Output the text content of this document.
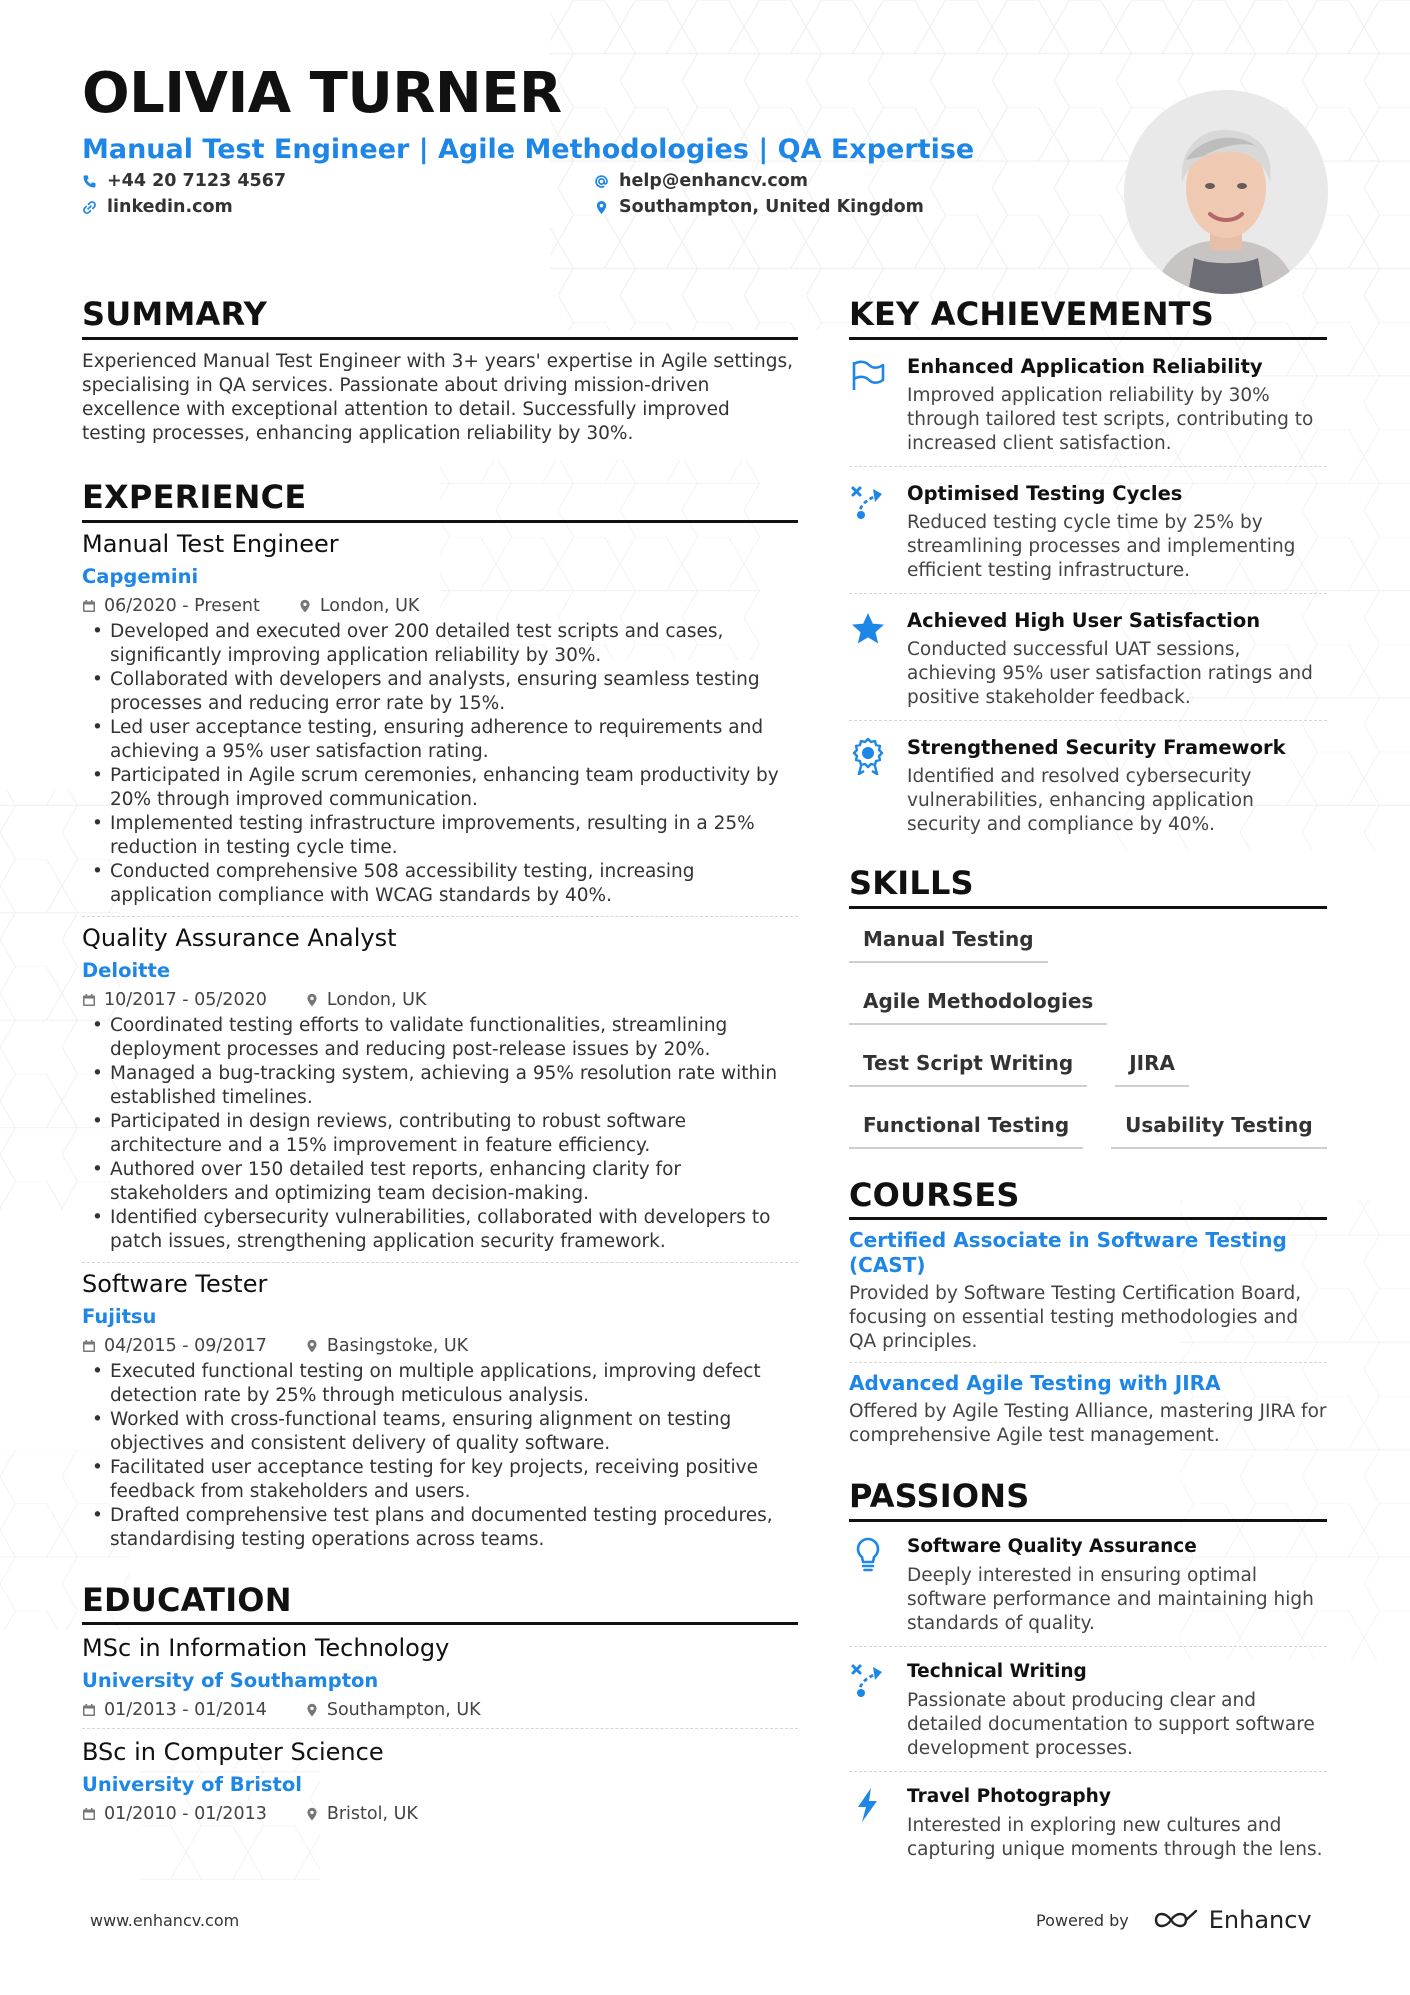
OLIVIA TURNER
Manual Test Engineer | Agile Methodologies | QA Expertise
+44 20 7123 4567	help@enhancv.com
linkedin.com	Southampton, United Kingdom
SUMMARY
Experienced Manual Test Engineer with 3+ years' expertise in Agile settings, specialising in QA services. Passionate about driving mission-driven excellence with exceptional attention to detail. Successfully improved testing processes, enhancing application reliability by 30%.
EXPERIENCE
Manual Test Engineer
Capgemini
06/2020 - Present	London, UK
• Developed and executed over 200 detailed test scripts and cases, significantly improving application reliability by 30%.
• Collaborated with developers and analysts, ensuring seamless testing processes and reducing error rate by 15%.
• Led user acceptance testing, ensuring adherence to requirements and achieving a 95% user satisfaction rating.
• Participated in Agile scrum ceremonies, enhancing team productivity by 20% through improved communication.
• Implemented testing infrastructure improvements, resulting in a 25% reduction in testing cycle time.
• Conducted comprehensive 508 accessibility testing, increasing application compliance with WCAG standards by 40%.
Quality Assurance Analyst
Deloitte
10/2017 - 05/2020	London, UK
• Coordinated testing efforts to validate functionalities, streamlining deployment processes and reducing post-release issues by 20%.
• Managed a bug-tracking system, achieving a 95% resolution rate within established timelines.
• Participated in design reviews, contributing to robust software architecture and a 15% improvement in feature efficiency.
• Authored over 150 detailed test reports, enhancing clarity for stakeholders and optimizing team decision-making.
• Identified cybersecurity vulnerabilities, collaborated with developers to patch issues, strengthening application security framework.
Software Tester
Fujitsu
04/2015 - 09/2017	Basingstoke, UK
• Executed functional testing on multiple applications, improving defect detection rate by 25% through meticulous analysis.
• Worked with cross-functional teams, ensuring alignment on testing objectives and consistent delivery of quality software.
• Facilitated user acceptance testing for key projects, receiving positive feedback from stakeholders and users.
• Drafted comprehensive test plans and documented testing procedures, standardising testing operations across teams.
EDUCATION
MSc in Information Technology
University of Southampton
01/2013 - 01/2014	Southampton, UK
BSc in Computer Science
University of Bristol
01/2010 - 01/2013	Bristol, UK
KEY ACHIEVEMENTS
Enhanced Application Reliability
Improved application reliability by 30% through tailored test scripts, contributing to increased client satisfaction.
Optimised Testing Cycles
Reduced testing cycle time by 25% by streamlining processes and implementing efficient testing infrastructure.
Achieved High User Satisfaction
Conducted successful UAT sessions, achieving 95% user satisfaction ratings and positive stakeholder feedback.
Strengthened Security Framework
Identified and resolved cybersecurity vulnerabilities, enhancing application security and compliance by 40%.
SKILLS
Manual Testing
Agile Methodologies
Test Script Writing	JIRA
Functional Testing	Usability Testing
COURSES
Certified Associate in Software Testing (CAST)
Provided by Software Testing Certification Board, focusing on essential testing methodologies and QA principles.
Advanced Agile Testing with JIRA
Offered by Agile Testing Alliance, mastering JIRA for comprehensive Agile test management.
PASSIONS
Software Quality Assurance
Deeply interested in ensuring optimal software performance and maintaining high standards of quality.
Technical Writing
Passionate about producing clear and detailed documentation to support software development processes.
Travel Photography
Interested in exploring new cultures and capturing unique moments through the lens.
www.enhancv.com	Powered by	Enhancv
